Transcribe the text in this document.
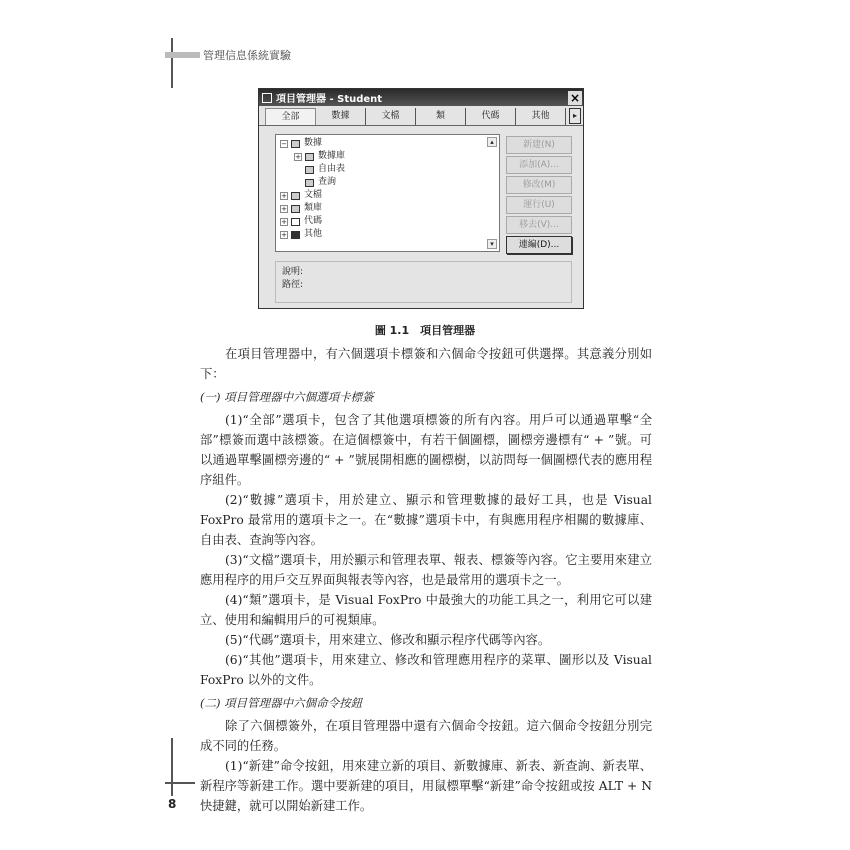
管理信息係統實驗
項目管理器 - Student	×
全部	數據	文檔	類	代碼	其他	▸
− 數據
+ 數據庫
自由表
查詢
+ 文檔
+ 類庫
+ 代碼
+ 其他
▴
▾
新建(N)
添加(A)...
修改(M)
運行(U)
移去(V)...
連編(D)...
說明:
路徑:
圖 1.1　項目管理器
在項目管理器中，有六個選項卡標簽和六個命令按鈕可供選擇。其意義分別如下：
(一) 項目管理器中六個選項卡標簽
(1)“全部”選項卡，包含了其他選項標簽的所有內容。用戶可以通過單擊“全部”標簽而選中該標簽。在這個標簽中，有若干個圖標，圖標旁邊標有“ + ”號。可以通過單擊圖標旁邊的“ + ”號展開相應的圖標樹，以訪問每一個圖標代表的應用程序組件。
(2)“數據”選項卡，用於建立、顯示和管理數據的最好工具，也是 Visual FoxPro 最常用的選項卡之一。在“數據”選項卡中，有與應用程序相關的數據庫、自由表、查詢等內容。
(3)“文檔”選項卡，用於顯示和管理表單、報表、標簽等內容。它主要用來建立應用程序的用戶交互界面與報表等內容，也是最常用的選項卡之一。
(4)“類”選項卡，是 Visual FoxPro 中最強大的功能工具之一，利用它可以建立、使用和編輯用戶的可視類庫。
(5)“代碼”選項卡，用來建立、修改和顯示程序代碼等內容。
(6)“其他”選項卡，用來建立、修改和管理應用程序的菜單、圖形以及 Visual FoxPro 以外的文件。
(二) 項目管理器中六個命令按鈕
除了六個標簽外，在項目管理器中還有六個命令按鈕。這六個命令按鈕分別完成不同的任務。
(1)“新建”命令按鈕，用來建立新的項目、新數據庫、新表、新查詢、新表單、新程序等新建工作。選中要新建的項目，用鼠標單擊“新建”命令按鈕或按 ALT + N 快捷鍵，就可以開始新建工作。
8
